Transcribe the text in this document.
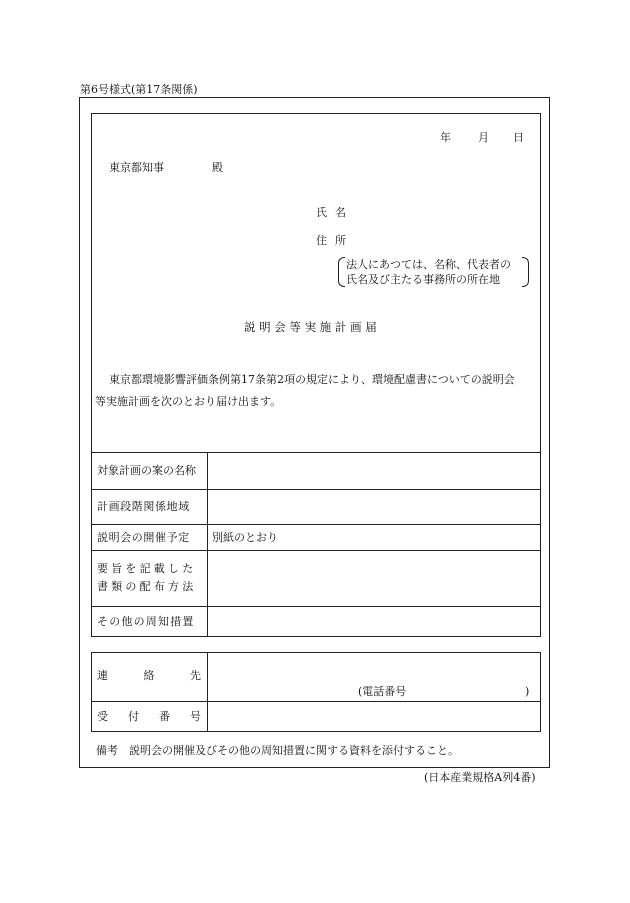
第6号様式(第17条関係)
年 月 日
東京都知事	殿
氏 名
住 所
法人にあつては、名称、代表者の
氏名及び主たる事務所の所在地
説 明 会 等 実 施 計 画 届
東京都環境影響評価条例第17条第2項の規定により、環境配慮書についての説明会
等実施計画を次のとおり届け出ます。
対象計画の案の名称
計画段階関係地域
説明会の開催予定 別紙のとおり
要旨を記載した
書類の配布方法
その他の周知措置
連	絡	先
(電話番号	)
受 付 番 号
備考　説明会の開催及びその他の周知措置に関する資料を添付すること。
(日本産業規格A列4番)
